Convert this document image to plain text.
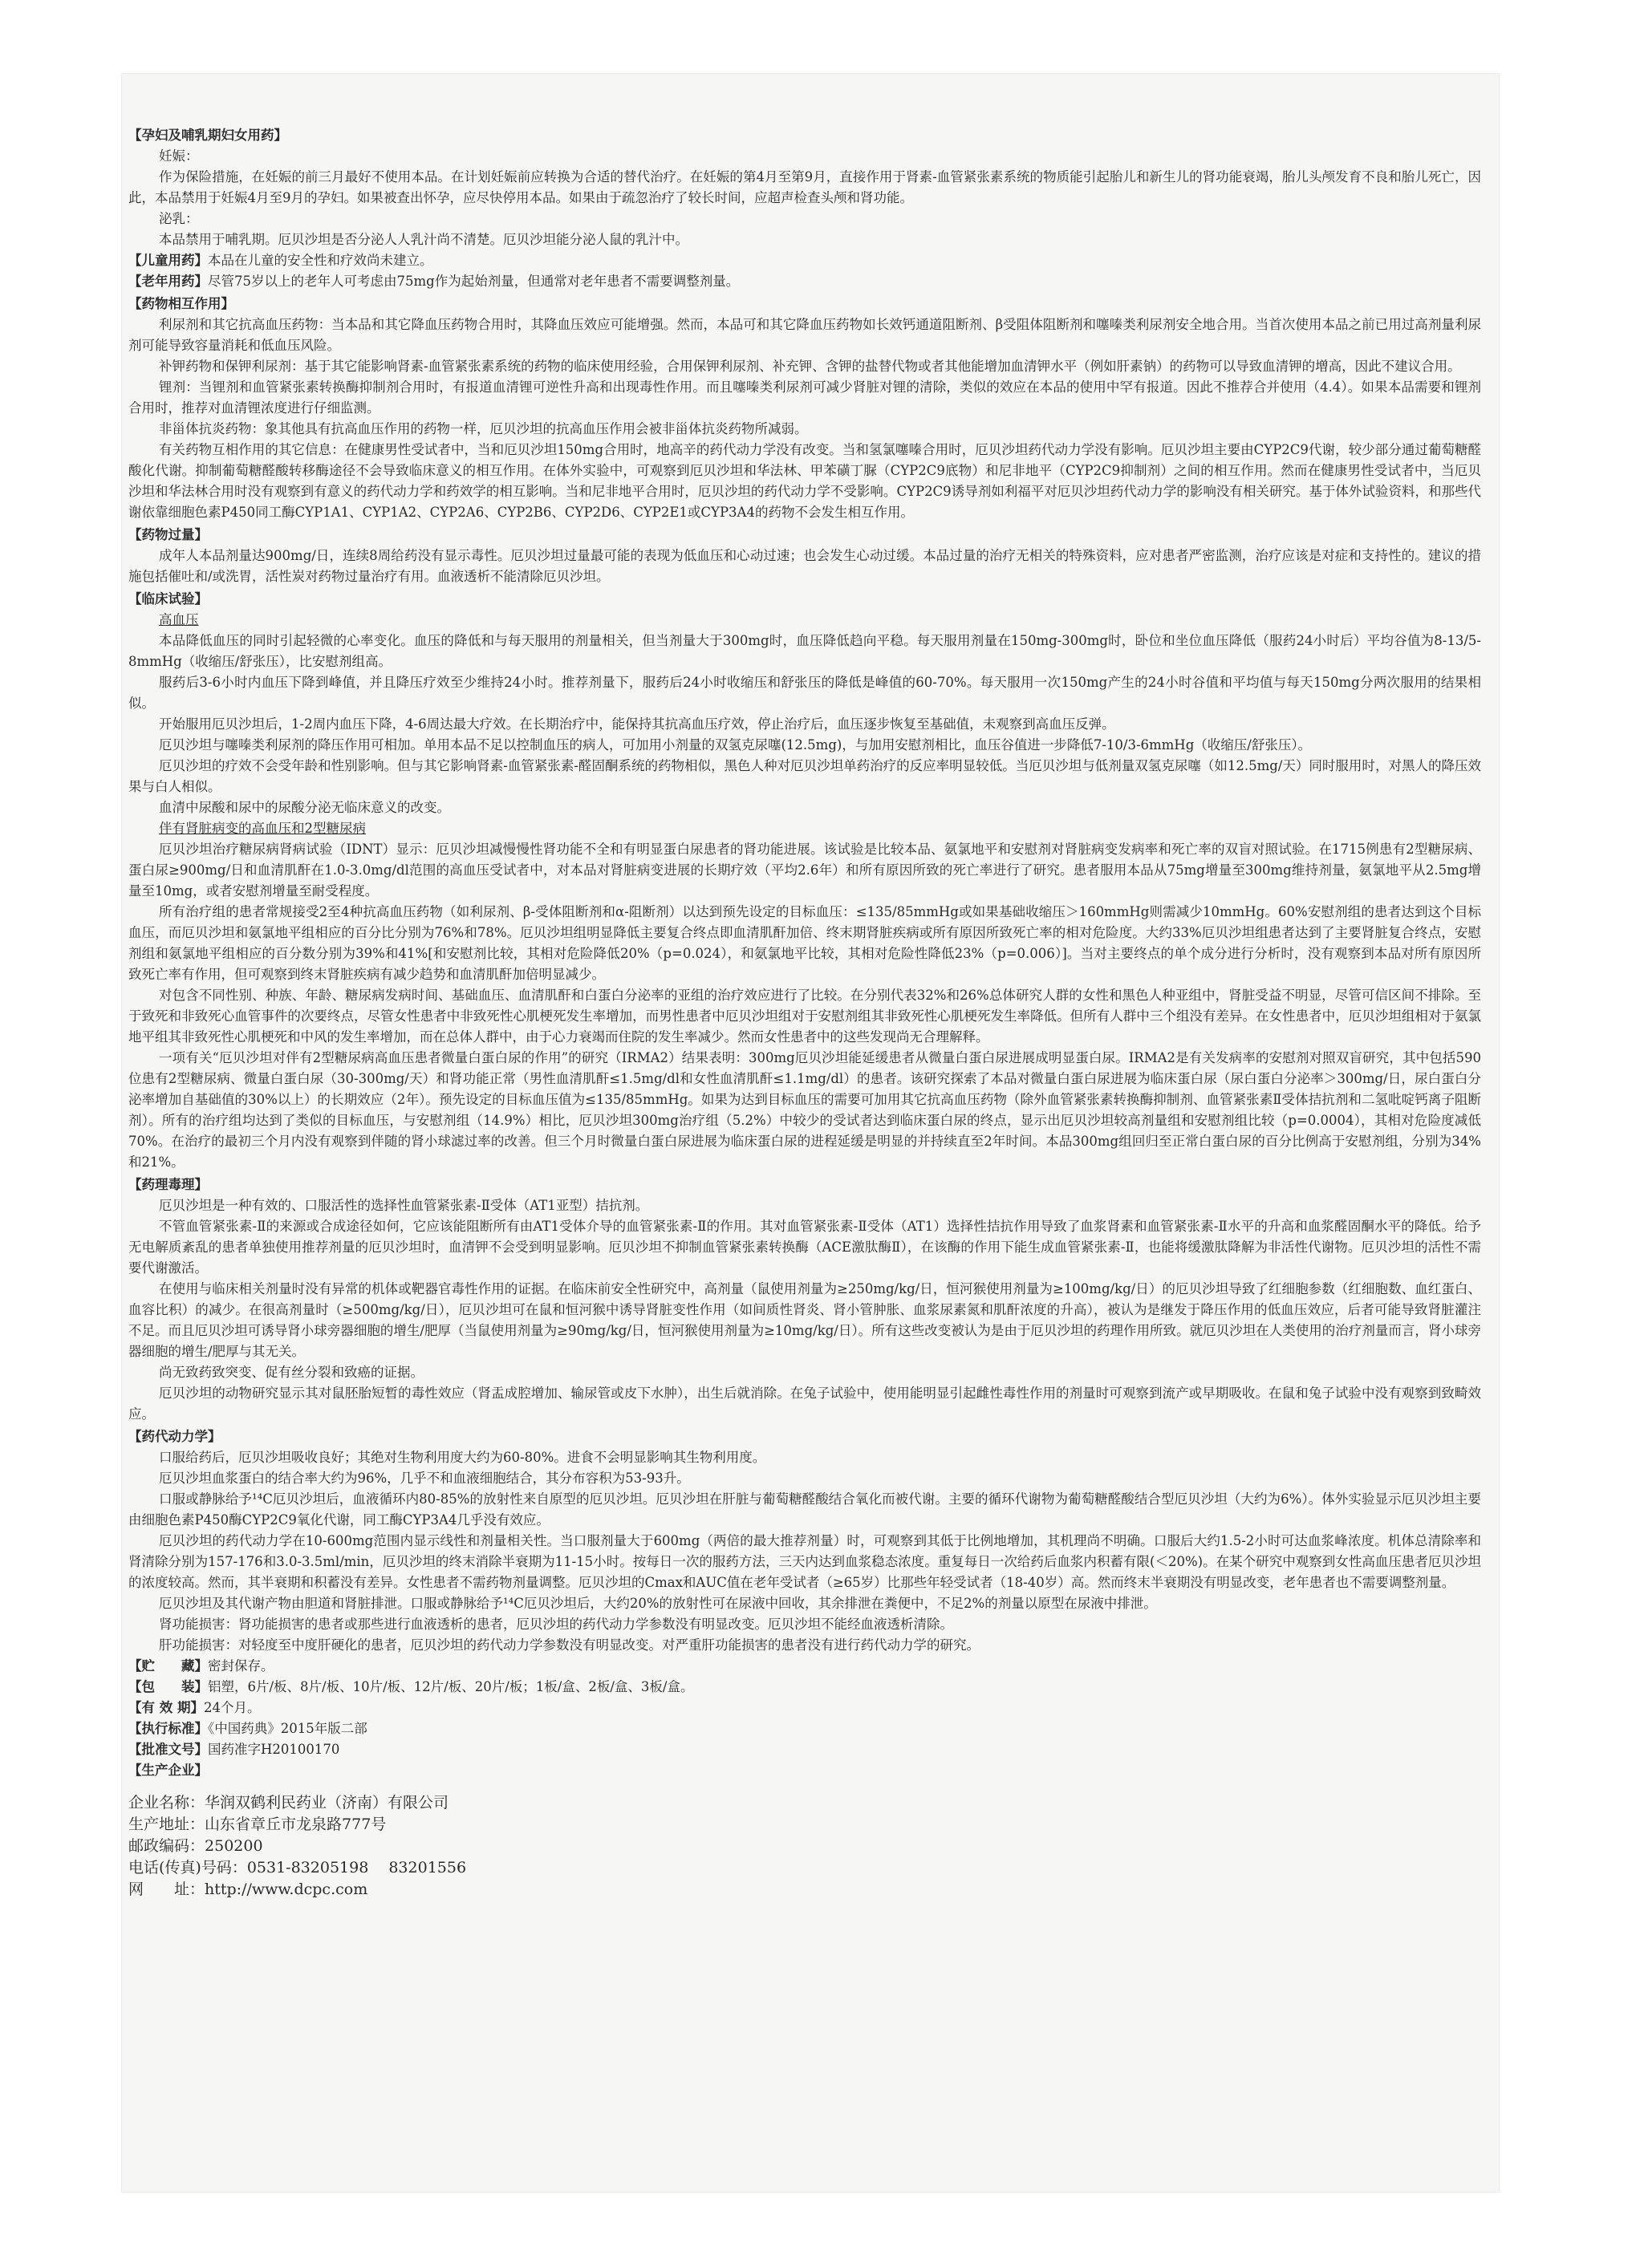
【孕妇及哺乳期妇女用药】

妊娠：

作为保险措施，在妊娠的前三月最好不使用本品。在计划妊娠前应转换为合适的替代治疗。在妊娠的第4月至第9月，直接作用于肾素-血管紧张素系统的物质能引起胎儿和新生儿的肾功能衰竭，胎儿头颅发育不良和胎儿死亡，因此，本品禁用于妊娠4月至9月的孕妇。如果被查出怀孕，应尽快停用本品。如果由于疏忽治疗了较长时间，应超声检查头颅和肾功能。

泌乳：

本品禁用于哺乳期。厄贝沙坦是否分泌人人乳汁尚不清楚。厄贝沙坦能分泌人鼠的乳汁中。

【儿童用药】本品在儿童的安全性和疗效尚未建立。

【老年用药】尽管75岁以上的老年人可考虑由75mg作为起始剂量，但通常对老年患者不需要调整剂量。

【药物相互作用】

利尿剂和其它抗高血压药物：当本品和其它降血压药物合用时，其降血压效应可能增强。然而，本品可和其它降血压药物如长效钙通道阻断剂、β受阻体阻断剂和噻嗪类利尿剂安全地合用。当首次使用本品之前已用过高剂量利尿剂可能导致容量消耗和低血压风险。

补钾药物和保钾利尿剂：基于其它能影响肾素-血管紧张素系统的药物的临床使用经验，合用保钾利尿剂、补充钾、含钾的盐替代物或者其他能增加血清钾水平（例如肝素钠）的药物可以导致血清钾的增高，因此不建议合用。

锂剂：当锂剂和血管紧张素转换酶抑制剂合用时，有报道血清锂可逆性升高和出现毒性作用。而且噻嗪类利尿剂可减少肾脏对锂的清除，类似的效应在本品的使用中罕有报道。因此不推荐合并使用（4.4）。如果本品需要和锂剂合用时，推荐对血清锂浓度进行仔细监测。

非甾体抗炎药物：象其他具有抗高血压作用的药物一样，厄贝沙坦的抗高血压作用会被非甾体抗炎药物所减弱。

有关药物互相作用的其它信息：在健康男性受试者中，当和厄贝沙坦150mg合用时，地高辛的药代动力学没有改变。当和氢氯噻嗪合用时，厄贝沙坦药代动力学没有影响。厄贝沙坦主要由CYP2C9代谢，较少部分通过葡萄糖醛酸化代谢。抑制葡萄糖醛酸转移酶途径不会导致临床意义的相互作用。在体外实验中，可观察到厄贝沙坦和华法林、甲苯磺丁脲（CYP2C9底物）和尼非地平（CYP2C9抑制剂）之间的相互作用。然而在健康男性受试者中，当厄贝沙坦和华法林合用时没有观察到有意义的药代动力学和药效学的相互影响。当和尼非地平合用时，厄贝沙坦的药代动力学不受影响。CYP2C9诱导剂如利福平对厄贝沙坦药代动力学的影响没有相关研究。基于体外试验资料，和那些代谢依靠细胞色素P450同工酶CYP1A1、CYP1A2、CYP2A6、CYP2B6、CYP2D6、CYP2E1或CYP3A4的药物不会发生相互作用。

【药物过量】

成年人本品剂量达900mg/日，连续8周给药没有显示毒性。厄贝沙坦过量最可能的表现为低血压和心动过速；也会发生心动过缓。本品过量的治疗无相关的特殊资料，应对患者严密监测，治疗应该是对症和支持性的。建议的措施包括催吐和/或洗胃，活性炭对药物过量治疗有用。血液透析不能清除厄贝沙坦。

【临床试验】

高血压

本品降低血压的同时引起轻微的心率变化。血压的降低和与每天服用的剂量相关，但当剂量大于300mg时，血压降低趋向平稳。每天服用剂量在150mg-300mg时，卧位和坐位血压降低（服药24小时后）平均谷值为8-13/5-8mmHg（收缩压/舒张压），比安慰剂组高。

服药后3-6小时内血压下降到峰值，并且降压疗效至少维持24小时。推荐剂量下，服药后24小时收缩压和舒张压的降低是峰值的60-70%。每天服用一次150mg产生的24小时谷值和平均值与每天150mg分两次服用的结果相似。

开始服用厄贝沙坦后，1-2周内血压下降，4-6周达最大疗效。在长期治疗中，能保持其抗高血压疗效，停止治疗后，血压逐步恢复至基础值，未观察到高血压反弹。

厄贝沙坦与噻嗪类利尿剂的降压作用可相加。单用本品不足以控制血压的病人，可加用小剂量的双氢克尿噻(12.5mg)，与加用安慰剂相比，血压谷值进一步降低7-10/3-6mmHg（收缩压/舒张压）。

厄贝沙坦的疗效不会受年龄和性别影响。但与其它影响肾素-血管紧张素-醛固酮系统的药物相似，黑色人种对厄贝沙坦单药治疗的反应率明显较低。当厄贝沙坦与低剂量双氢克尿噻（如12.5mg/天）同时服用时，对黑人的降压效果与白人相似。

血清中尿酸和尿中的尿酸分泌无临床意义的改变。

伴有肾脏病变的高血压和2型糖尿病

厄贝沙坦治疗糖尿病肾病试验（IDNT）显示：厄贝沙坦减慢慢性肾功能不全和有明显蛋白尿患者的肾功能进展。该试验是比较本品、氨氯地平和安慰剂对肾脏病变发病率和死亡率的双盲对照试验。在1715例患有2型糖尿病、蛋白尿≥900mg/日和血清肌酐在1.0-3.0mg/dl范围的高血压受试者中，对本品对肾脏病变进展的长期疗效（平均2.6年）和所有原因所致的死亡率进行了研究。患者服用本品从75mg增量至300mg维持剂量，氨氯地平从2.5mg增量至10mg，或者安慰剂增量至耐受程度。

所有治疗组的患者常规接受2至4种抗高血压药物（如利尿剂、β-受体阻断剂和α-阻断剂）以达到预先设定的目标血压：≤135/85mmHg或如果基础收缩压＞160mmHg则需减少10mmHg。60%安慰剂组的患者达到这个目标血压，而厄贝沙坦和氨氯地平组相应的百分比分别为76%和78%。厄贝沙坦组明显降低主要复合终点即血清肌酐加倍、终末期肾脏疾病或所有原因所致死亡率的相对危险度。大约33%厄贝沙坦组患者达到了主要肾脏复合终点，安慰剂组和氨氯地平组相应的百分数分别为39%和41%[和安慰剂比较，其相对危险降低20%（p=0.024），和氨氯地平比较，其相对危险性降低23%（p=0.006）]。当对主要终点的单个成分进行分析时，没有观察到本品对所有原因所致死亡率有作用，但可观察到终末肾脏疾病有减少趋势和血清肌酐加倍明显减少。

对包含不同性别、种族、年龄、糖尿病发病时间、基础血压、血清肌酐和白蛋白分泌率的亚组的治疗效应进行了比较。在分别代表32%和26%总体研究人群的女性和黑色人种亚组中，肾脏受益不明显，尽管可信区间不排除。至于致死和非致死心血管事件的次要终点，尽管女性患者中非致死性心肌梗死发生率增加，而男性患者中厄贝沙坦组对于安慰剂组其非致死性心肌梗死发生率降低。但所有人群中三个组没有差异。在女性患者中，厄贝沙坦组相对于氨氯地平组其非致死性心肌梗死和中风的发生率增加，而在总体人群中，由于心力衰竭而住院的发生率减少。然而女性患者中的这些发现尚无合理解释。

一项有关“厄贝沙坦对伴有2型糖尿病高血压患者微量白蛋白尿的作用”的研究（IRMA2）结果表明：300mg厄贝沙坦能延缓患者从微量白蛋白尿进展成明显蛋白尿。IRMA2是有关发病率的安慰剂对照双盲研究，其中包括590位患有2型糖尿病、微量白蛋白尿（30-300mg/天）和肾功能正常（男性血清肌酐≤1.5mg/dl和女性血清肌酐≤1.1mg/dl）的患者。该研究探索了本品对微量白蛋白尿进展为临床蛋白尿（尿白蛋白分泌率＞300mg/日，尿白蛋白分泌率增加自基础值的30%以上）的长期效应（2年）。预先设定的目标血压值为≤135/85mmHg。如果为达到目标血压的需要可加用其它抗高血压药物（除外血管紧张素转换酶抑制剂、血管紧张素Ⅱ受体拮抗剂和二氢吡啶钙离子阻断剂）。所有的治疗组均达到了类似的目标血压，与安慰剂组（14.9%）相比，厄贝沙坦300mg治疗组（5.2%）中较少的受试者达到临床蛋白尿的终点，显示出厄贝沙坦较高剂量组和安慰剂组比较（p=0.0004），其相对危险度减低70%。在治疗的最初三个月内没有观察到伴随的肾小球滤过率的改善。但三个月时微量白蛋白尿进展为临床蛋白尿的进程延缓是明显的并持续直至2年时间。本品300mg组回归至正常白蛋白尿的百分比例高于安慰剂组，分别为34%和21%。

【药理毒理】

厄贝沙坦是一种有效的、口服活性的选择性血管紧张素-Ⅱ受体（AT1亚型）拮抗剂。

不管血管紧张素-Ⅱ的来源或合成途径如何，它应该能阻断所有由AT1受体介导的血管紧张素-Ⅱ的作用。其对血管紧张素-Ⅱ受体（AT1）选择性拮抗作用导致了血浆肾素和血管紧张素-Ⅱ水平的升高和血浆醛固酮水平的降低。给予无电解质紊乱的患者单独使用推荐剂量的厄贝沙坦时，血清钾不会受到明显影响。厄贝沙坦不抑制血管紧张素转换酶（ACE激肽酶Ⅱ），在该酶的作用下能生成血管紧张素-Ⅱ，也能将缓激肽降解为非活性代谢物。厄贝沙坦的活性不需要代谢激活。

在使用与临床相关剂量时没有异常的机体或靶器官毒性作用的证据。在临床前安全性研究中，高剂量（鼠使用剂量为≥250mg/kg/日，恒河猴使用剂量为≥100mg/kg/日）的厄贝沙坦导致了红细胞参数（红细胞数、血红蛋白、血容比积）的减少。在很高剂量时（≥500mg/kg/日），厄贝沙坦可在鼠和恒河猴中诱导肾脏变性作用（如间质性肾炎、肾小管肿胀、血浆尿素氮和肌酐浓度的升高），被认为是继发于降压作用的低血压效应，后者可能导致肾脏灌注不足。而且厄贝沙坦可诱导肾小球旁器细胞的增生/肥厚（当鼠使用剂量为≥90mg/kg/日，恒河猴使用剂量为≥10mg/kg/日）。所有这些改变被认为是由于厄贝沙坦的药理作用所致。就厄贝沙坦在人类使用的治疗剂量而言，肾小球旁器细胞的增生/肥厚与其无关。

尚无致药致突变、促有丝分裂和致癌的证据。

厄贝沙坦的动物研究显示其对鼠胚胎短暂的毒性效应（肾盂成腔增加、输尿管或皮下水肿），出生后就消除。在兔子试验中，使用能明显引起雌性毒性作用的剂量时可观察到流产或早期吸收。在鼠和兔子试验中没有观察到致畸效应。

【药代动力学】

口服给药后，厄贝沙坦吸收良好；其绝对生物利用度大约为60-80%。进食不会明显影响其生物利用度。

厄贝沙坦血浆蛋白的结合率大约为96%，几乎不和血液细胞结合，其分布容积为53-93升。

口服或静脉给予¹⁴C厄贝沙坦后，血液循环内80-85%的放射性来自原型的厄贝沙坦。厄贝沙坦在肝脏与葡萄糖醛酸结合氧化而被代谢。主要的循环代谢物为葡萄糖醛酸结合型厄贝沙坦（大约为6%）。体外实验显示厄贝沙坦主要由细胞色素P450酶CYP2C9氧化代谢，同工酶CYP3A4几乎没有效应。

厄贝沙坦的药代动力学在10-600mg范围内显示线性和剂量相关性。当口服剂量大于600mg（两倍的最大推荐剂量）时，可观察到其低于比例地增加，其机理尚不明确。口服后大约1.5-2小时可达血浆峰浓度。机体总清除率和肾清除分别为157-176和3.0-3.5ml/min，厄贝沙坦的终末消除半衰期为11-15小时。按每日一次的服药方法，三天内达到血浆稳态浓度。重复每日一次给药后血浆内积蓄有限(＜20%)。在某个研究中观察到女性高血压患者厄贝沙坦的浓度较高。然而，其半衰期和积蓄没有差异。女性患者不需药物剂量调整。厄贝沙坦的Cmax和AUC值在老年受试者（≥65岁）比那些年轻受试者（18-40岁）高。然而终末半衰期没有明显改变，老年患者也不需要调整剂量。

厄贝沙坦及其代谢产物由胆道和肾脏排泄。口服或静脉给予¹⁴C厄贝沙坦后，大约20%的放射性可在尿液中回收，其余排泄在粪便中，不足2%的剂量以原型在尿液中排泄。

肾功能损害：肾功能损害的患者或那些进行血液透析的患者，厄贝沙坦的药代动力学参数没有明显改变。厄贝沙坦不能经血液透析清除。

肝功能损害：对轻度至中度肝硬化的患者，厄贝沙坦的药代动力学参数没有明显改变。对严重肝功能损害的患者没有进行药代动力学的研究。

【贮　　藏】密封保存。

【包　　装】铝塑，6片/板、8片/板、10片/板、12片/板、20片/板；1板/盒、2板/盒、3板/盒。

【有 效 期】24个月。

【执行标准】《中国药典》2015年版二部

【批准文号】国药准字H20100170

【生产企业】

企业名称：华润双鹤利民药业（济南）有限公司

生产地址：山东省章丘市龙泉路777号

邮政编码：250200

电话(传真)号码：0531-83205198　 83201556

网　　址：http://www.dcpc.com
